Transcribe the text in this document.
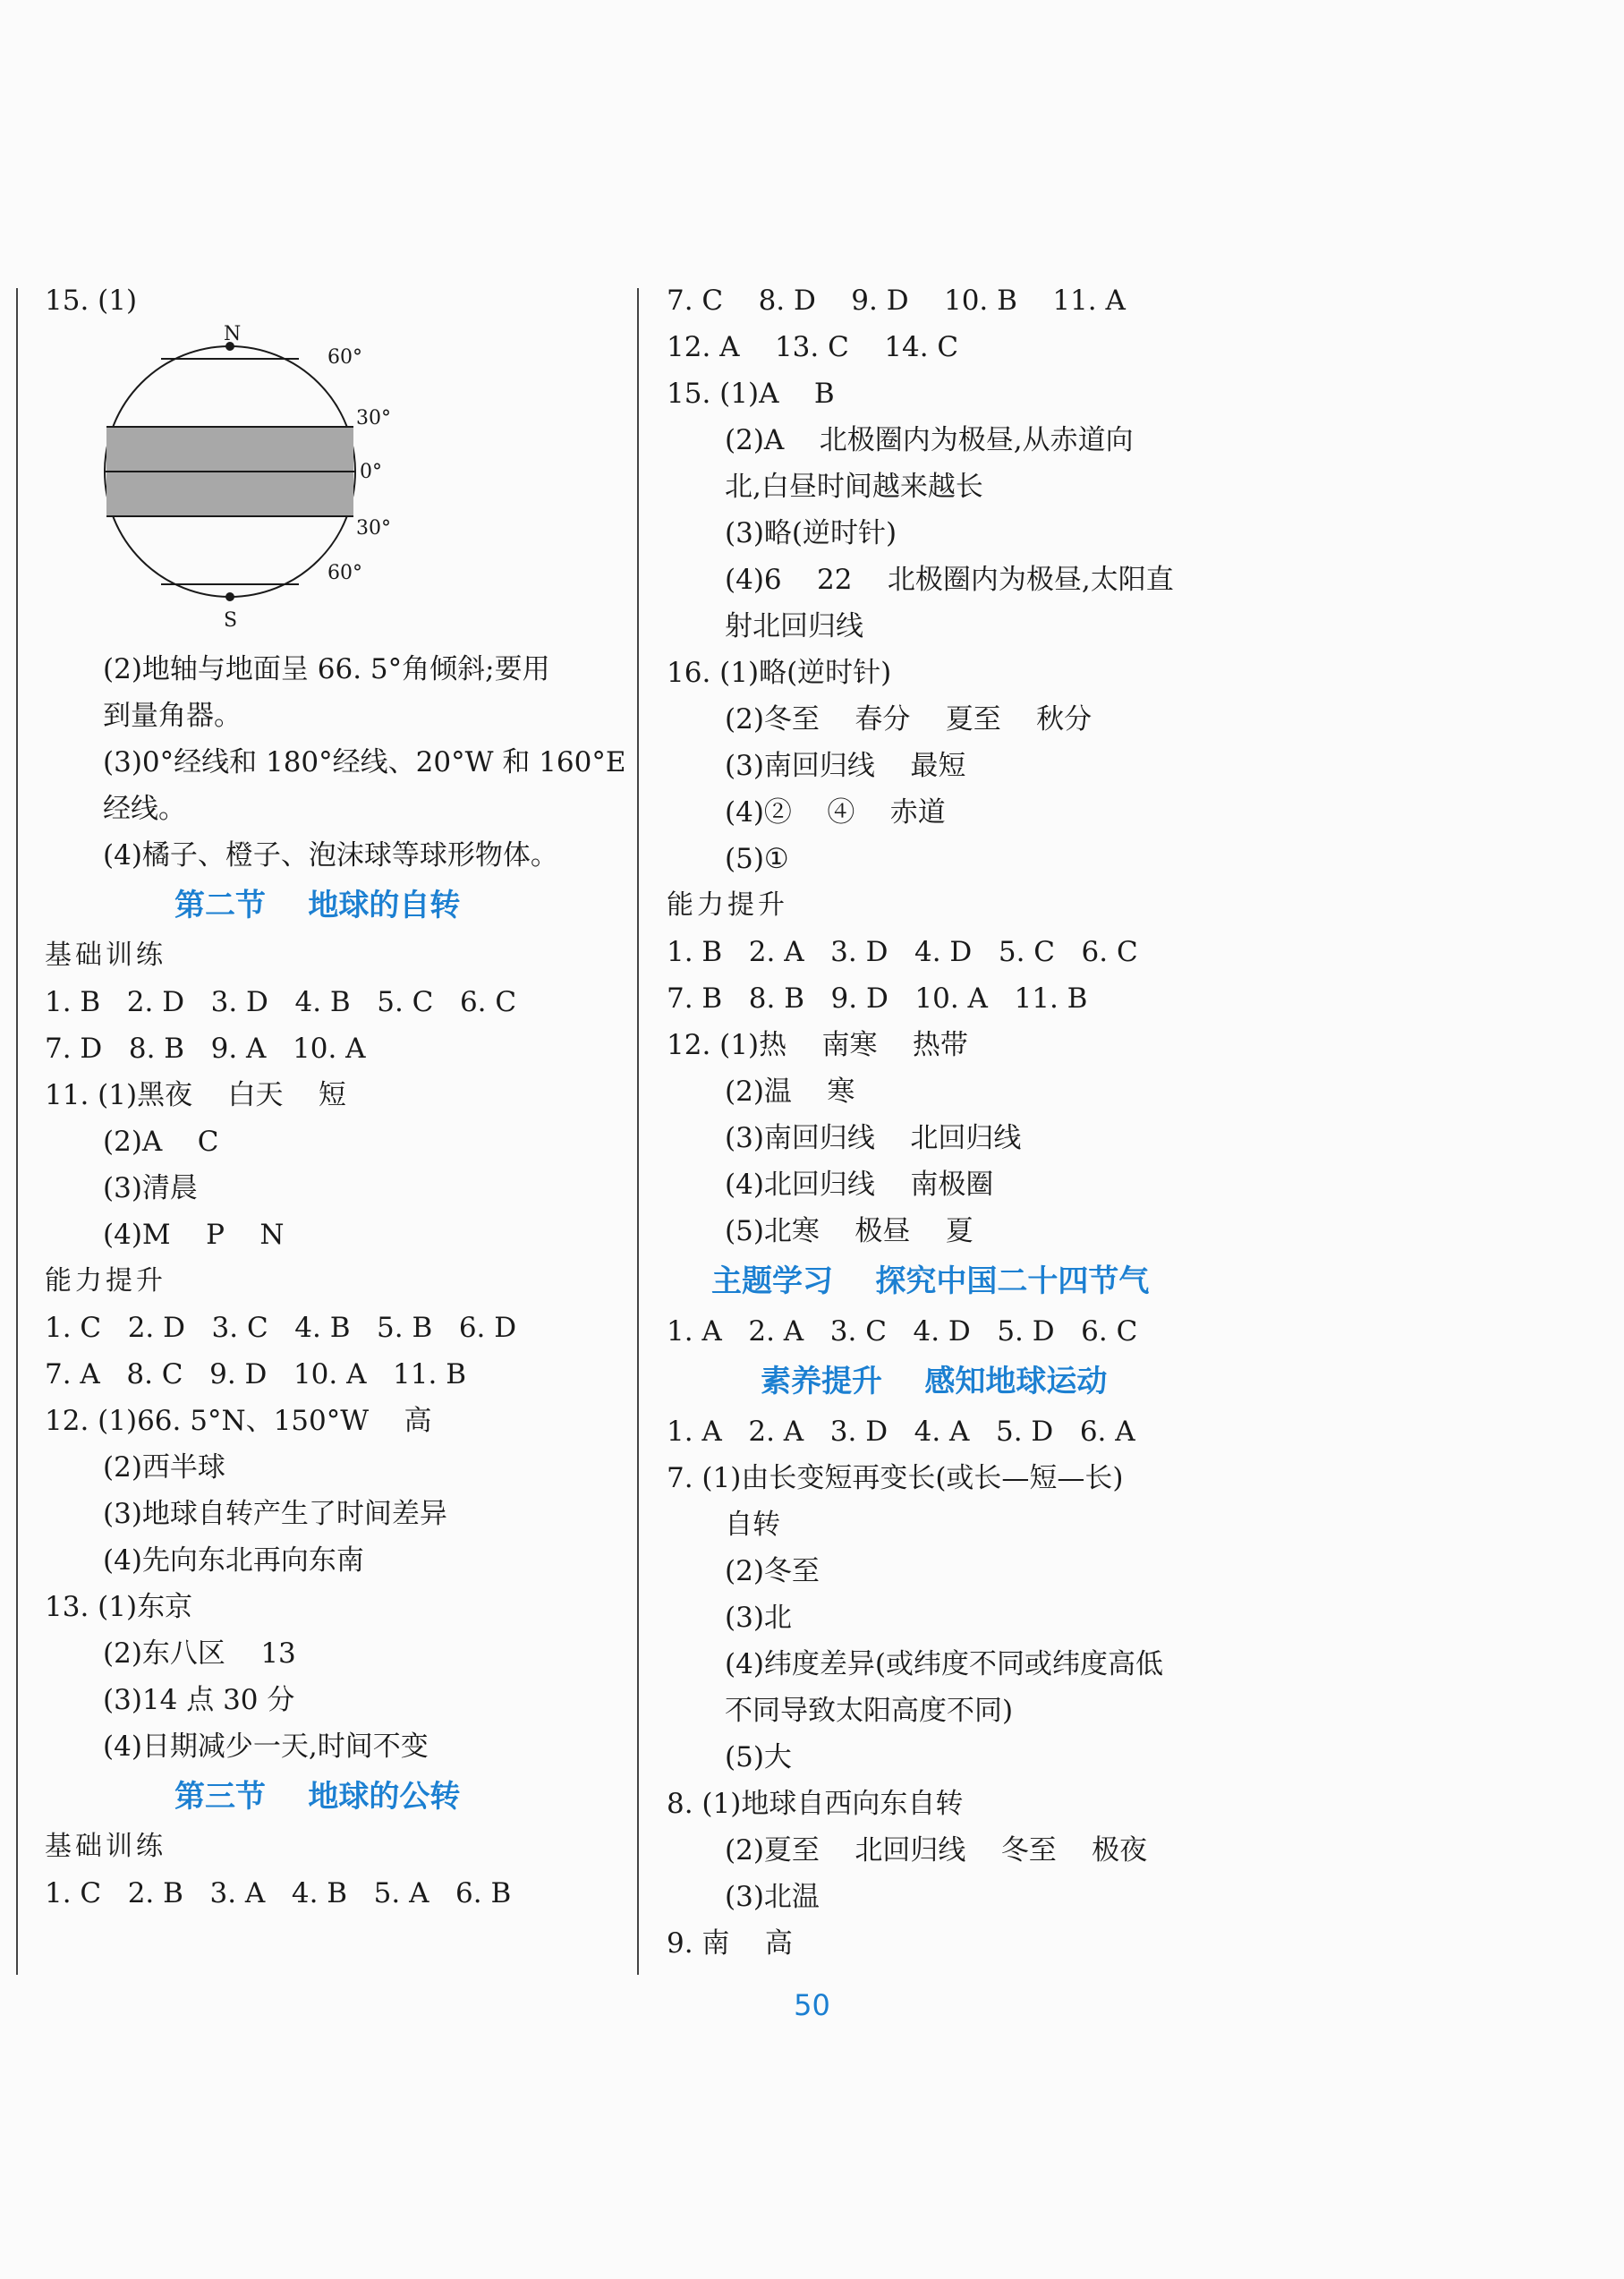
15. (1)
N
S
60°
30°
0°
30°
60°
(2)地轴与地面呈 66. 5°角倾斜;要用
到量角器。
(3)0°经线和 180°经线、20°W 和 160°E
经线。
(4)橘子、橙子、泡沫球等球形物体。
第二节    地球的自转
基础训练
1. B   2. D   3. D   4. B   5. C   6. C
7. D   8. B   9. A   10. A
11. (1)黑夜    白天    短
(2)A    C
(3)清晨
(4)M    P    N
能力提升
1. C   2. D   3. C   4. B   5. B   6. D
7. A   8. C   9. D   10. A   11. B
12. (1)66. 5°N、150°W    高
(2)西半球
(3)地球自转产生了时间差异
(4)先向东北再向东南
13. (1)东京
(2)东八区    13
(3)14 点 30 分
(4)日期减少一天,时间不变
第三节    地球的公转
基础训练
1. C   2. B   3. A   4. B   5. A   6. B
7. C    8. D    9. D    10. B    11. A
12. A    13. C    14. C
15. (1)A    B
(2)A    北极圈内为极昼,从赤道向
北,白昼时间越来越长
(3)略(逆时针)
(4)6    22    北极圈内为极昼,太阳直
射北回归线
16. (1)略(逆时针)
(2)冬至    春分    夏至    秋分
(3)南回归线    最短
(4)②    ④    赤道
(5)①
能力提升
1. B   2. A   3. D   4. D   5. C   6. C
7. B   8. B   9. D   10. A   11. B
12. (1)热    南寒    热带
(2)温    寒
(3)南回归线    北回归线
(4)北回归线    南极圈
(5)北寒    极昼    夏
主题学习    探究中国二十四节气
1. A   2. A   3. C   4. D   5. D   6. C
素养提升    感知地球运动
1. A   2. A   3. D   4. A   5. D   6. A
7. (1)由长变短再变长(或长—短—长)
自转
(2)冬至
(3)北
(4)纬度差异(或纬度不同或纬度高低
不同导致太阳高度不同)
(5)大
8. (1)地球自西向东自转
(2)夏至    北回归线    冬至    极夜
(3)北温
9. 南    高
50
